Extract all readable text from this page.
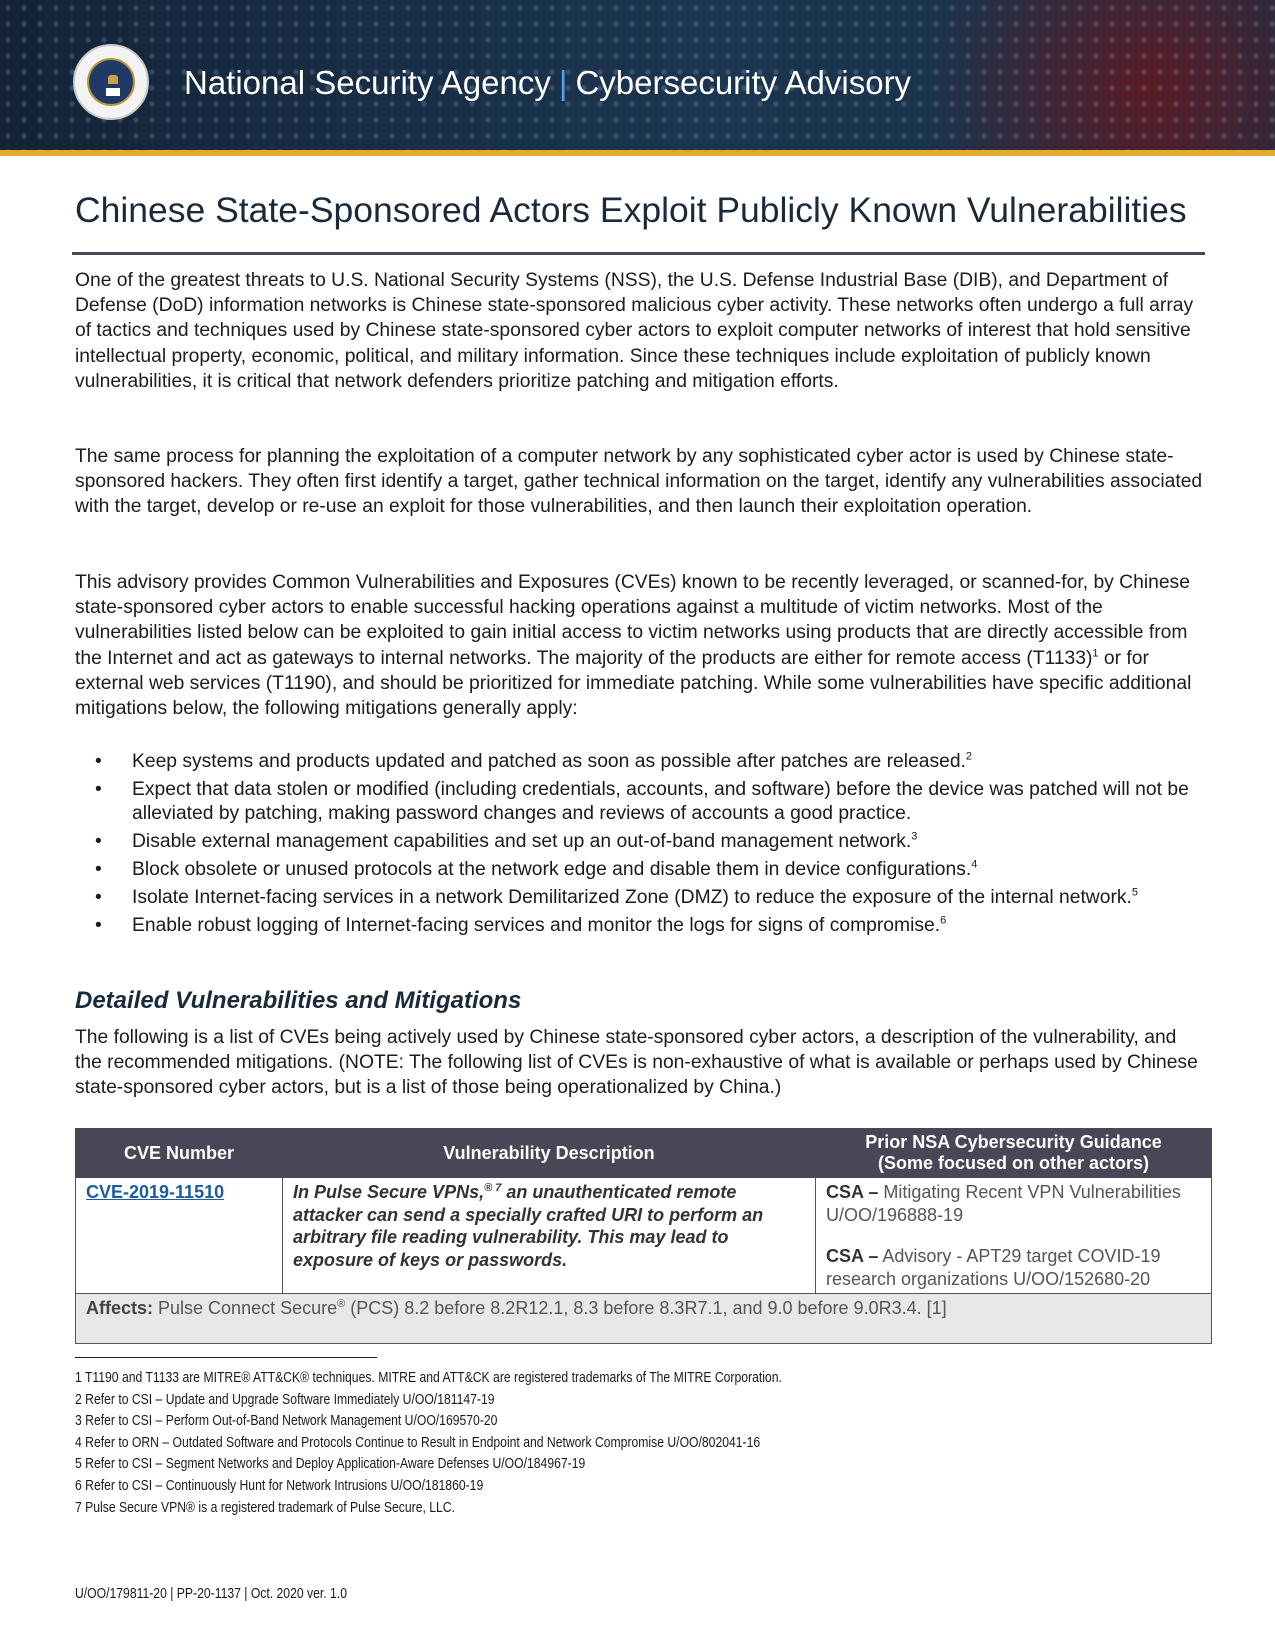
National Security Agency | Cybersecurity Advisory
Chinese State-Sponsored Actors Exploit Publicly Known Vulnerabilities

One of the greatest threats to U.S. National Security Systems (NSS), the U.S. Defense Industrial Base (DIB), and Department of Defense (DoD) information networks is Chinese state-sponsored malicious cyber activity. These networks often undergo a full array of tactics and techniques used by Chinese state-sponsored cyber actors to exploit computer networks of interest that hold sensitive intellectual property, economic, political, and military information. Since these techniques include exploitation of publicly known vulnerabilities, it is critical that network defenders prioritize patching and mitigation efforts.

The same process for planning the exploitation of a computer network by any sophisticated cyber actor is used by Chinese state-sponsored hackers. They often first identify a target, gather technical information on the target, identify any vulnerabilities associated with the target, develop or re-use an exploit for those vulnerabilities, and then launch their exploitation operation.

This advisory provides Common Vulnerabilities and Exposures (CVEs) known to be recently leveraged, or scanned-for, by Chinese state-sponsored cyber actors to enable successful hacking operations against a multitude of victim networks. Most of the vulnerabilities listed below can be exploited to gain initial access to victim networks using products that are directly accessible from the Internet and act as gateways to internal networks. The majority of the products are either for remote access $(T1133)^1$ or for external web services (T1190), and should be prioritized for immediate patching. While some vulnerabilities have specific additional mitigations below, the following mitigations generally apply:

• Keep systems and products updated and patched as soon as possible after patches are released.$^2$
• Expect that data stolen or modified (including credentials, accounts, and software) before the device was patched will not be alleviated by patching, making password changes and reviews of accounts a good practice.
• Disable external management capabilities and set up an out-of-band management network.$^3$
• Block obsolete or unused protocols at the network edge and disable them in device configurations.$^4$
• Isolate Internet-facing services in a network Demilitarized Zone (DMZ) to reduce the exposure of the internal network.$^5$
• Enable robust logging of Internet-facing services and monitor the logs for signs of compromise.$^6$
Detailed Vulnerabilities and Mitigations

The following is a list of CVEs being actively used by Chinese state-sponsored cyber actors, a description of the vulnerability, and the recommended mitigations. (NOTE: The following list of CVEs is non-exhaustive of what is available or perhaps used by Chinese state-sponsored cyber actors, but is a list of those being operationalized by China.)

CVE Number	Vulnerability Description	Prior NSA Cybersecurity Guidance
(Some focused on other actors)
CVE-2019-11510	In Pulse Secure VPNs,$^{® 7}$ an unauthenticated remote attacker can send a specially crafted URI to perform an arbitrary file reading vulnerability. This may lead to exposure of keys or passwords.	CSA – Mitigating Recent VPN Vulnerabilities U/OO/196888-19
CSA – Advisory - APT29 target COVID-19 research organizations U/OO/152680-20

Affects: Pulse Connect Secure® (PCS) 8.2 before 8.2R12.1, 8.3 before 8.3R7.1, and 9.0 before 9.0R3.4. [1]		
1 T1190 and T1133 are MITRE® ATT&CK® techniques. MITRE and ATT&CK are registered trademarks of The MITRE Corporation.
2 Refer to CSI – Update and Upgrade Software Immediately U/OO/181147-19
3 Refer to CSI – Perform Out-of-Band Network Management U/OO/169570-20
4 Refer to ORN – Outdated Software and Protocols Continue to Result in Endpoint and Network Compromise U/OO/802041-16
5 Refer to CSI – Segment Networks and Deploy Application-Aware Defenses U/OO/184967-19
6 Refer to CSI – Continuously Hunt for Network Intrusions U/OO/181860-19
7 Pulse Secure VPN® is a registered trademark of Pulse Secure, LLC.
U/OO/179811-20 | PP-20-1137 | Oct. 2020 ver. 1.0
